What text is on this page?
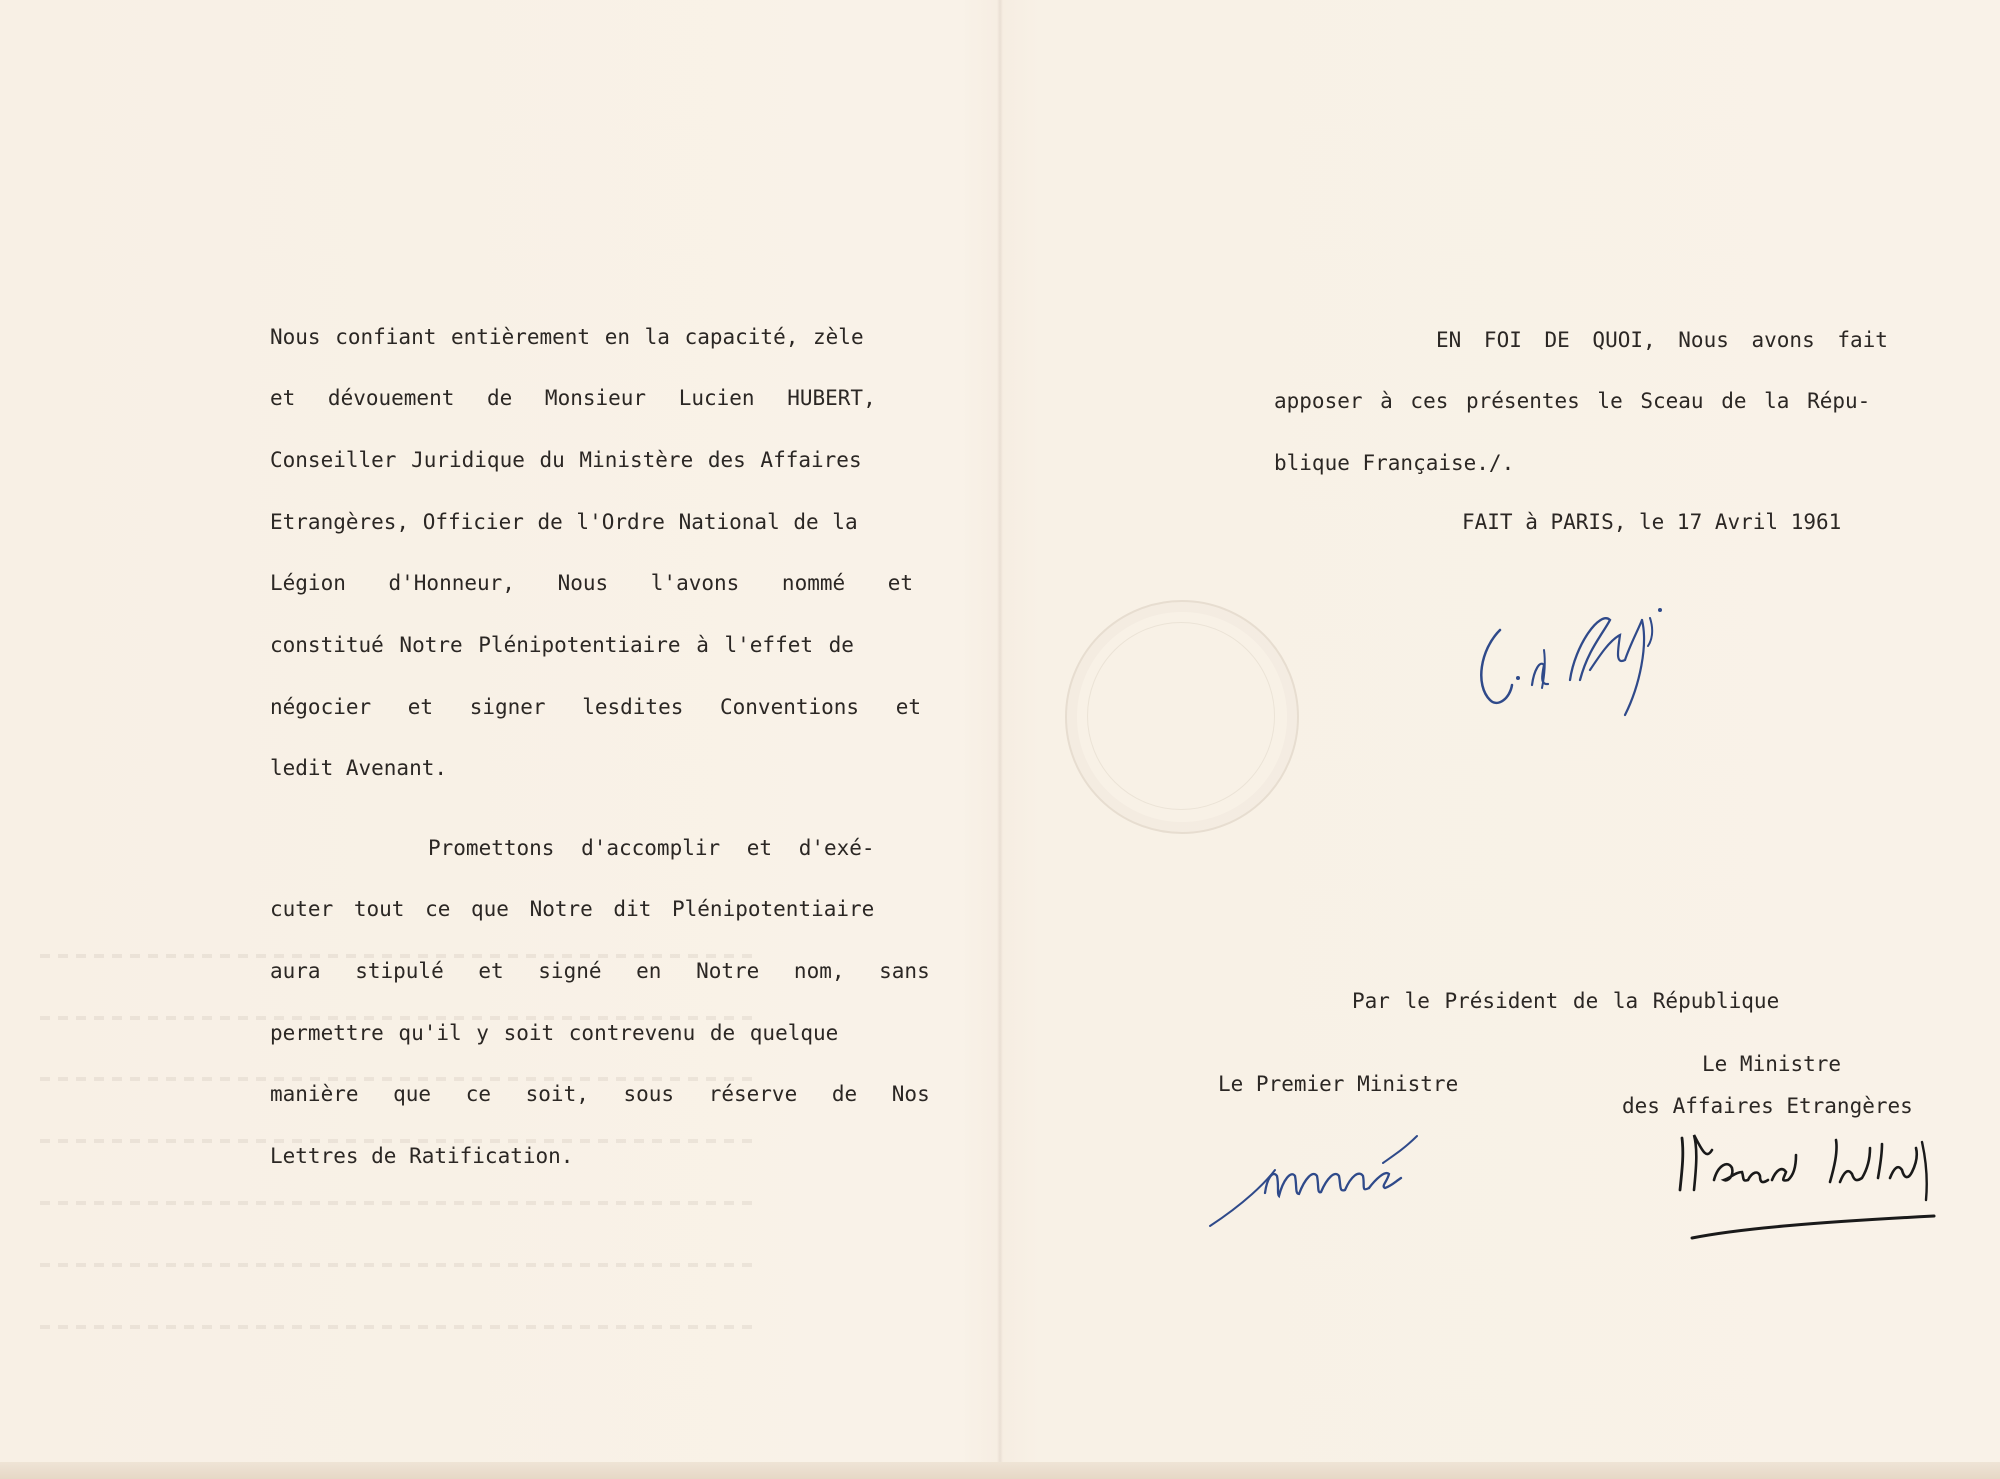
Nous confiant entièrement en la capacité, zèle
et dévouement de Monsieur Lucien HUBERT,
Conseiller Juridique du Ministère des Affaires
Etrangères, Officier de l'Ordre National de la
Légion d'Honneur, Nous l'avons nommé et
constitué Notre Plénipotentiaire à l'effet de
négocier et signer lesdites Conventions et
ledit Avenant.
Promettons d'accomplir et d'exé-
cuter tout ce que Notre dit Plénipotentiaire
aura stipulé et signé en Notre nom, sans
permettre qu'il y soit contrevenu de quelque
manière que ce soit, sous réserve de Nos
Lettres de Ratification.
EN FOI DE QUOI, Nous avons fait
apposer à ces présentes le Sceau de la Répu-
blique Française./.
FAIT à PARIS, le 17 Avril 1961
Par le Président de la République
Le Premier Ministre
Le Ministre
des Affaires Etrangères
